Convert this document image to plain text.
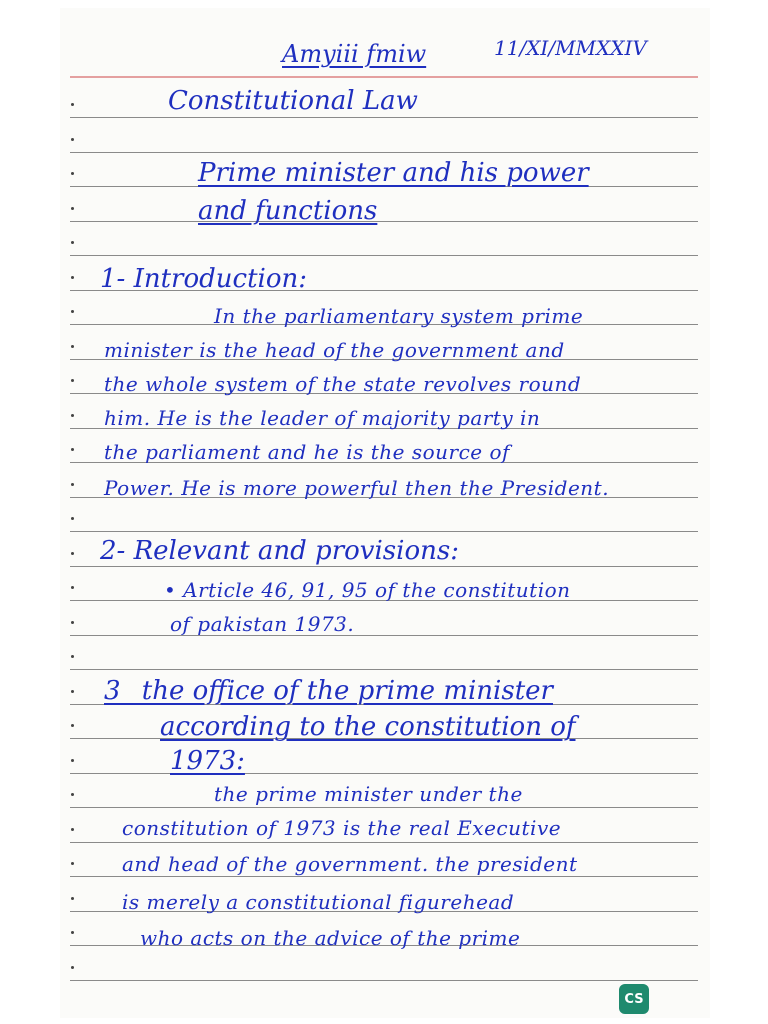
Amyiii fmiw	11/XI/MMXXIV
Constitutional Law
Prime minister and his power
and functions
1- Introduction:
In the parliamentary system prime
minister is the head of the government and
the whole system of the state revolves round
him. He is the leader of majority party in
the parliament and he is the source of
Power. He is more powerful then the President.
2- Relevant and provisions:
• Article 46, 91, 95 of the constitution
of pakistan 1973.
3_ the office of the prime minister
according to the constitution of
1973:
the prime minister under the
constitution of 1973 is the real Executive
and head of the government. the president
is merely a constitutional figurehead
who acts on the advice of the prime
CS
